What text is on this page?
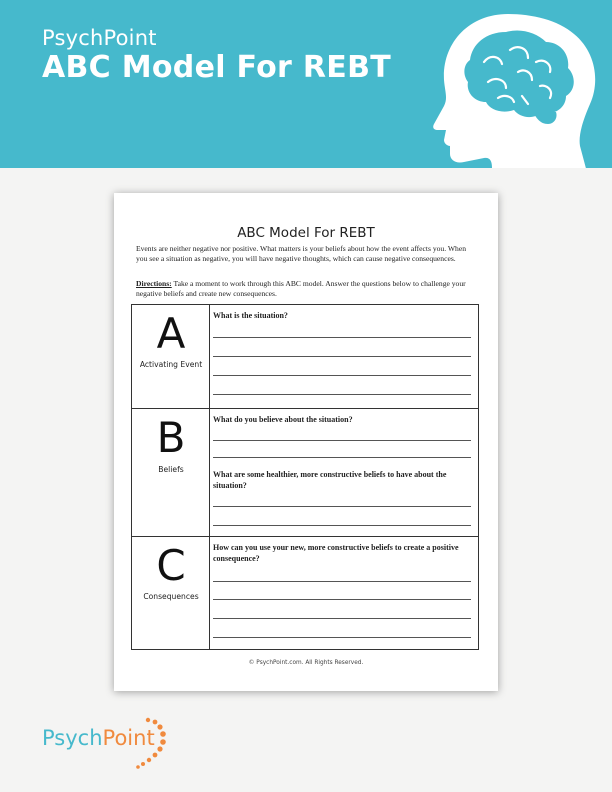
PsychPoint
ABC Model For REBT
ABC Model For REBT
Events are neither negative nor positive. What matters is your beliefs about how the event affects you. When you see a situation as negative, you will have negative thoughts, which can cause negative consequences.
Directions: Take a moment to work through this ABC model. Answer the questions below to challenge your negative beliefs and create new consequences.
A
Activating Event
What is the situation?
B
Beliefs
What do you believe about the situation?
What are some healthier, more constructive beliefs to have about the situation?
C
Consequences
How can you use your new, more constructive beliefs to create a positive consequence?
© PsychPoint.com. All Rights Reserved.
PsychPoint
